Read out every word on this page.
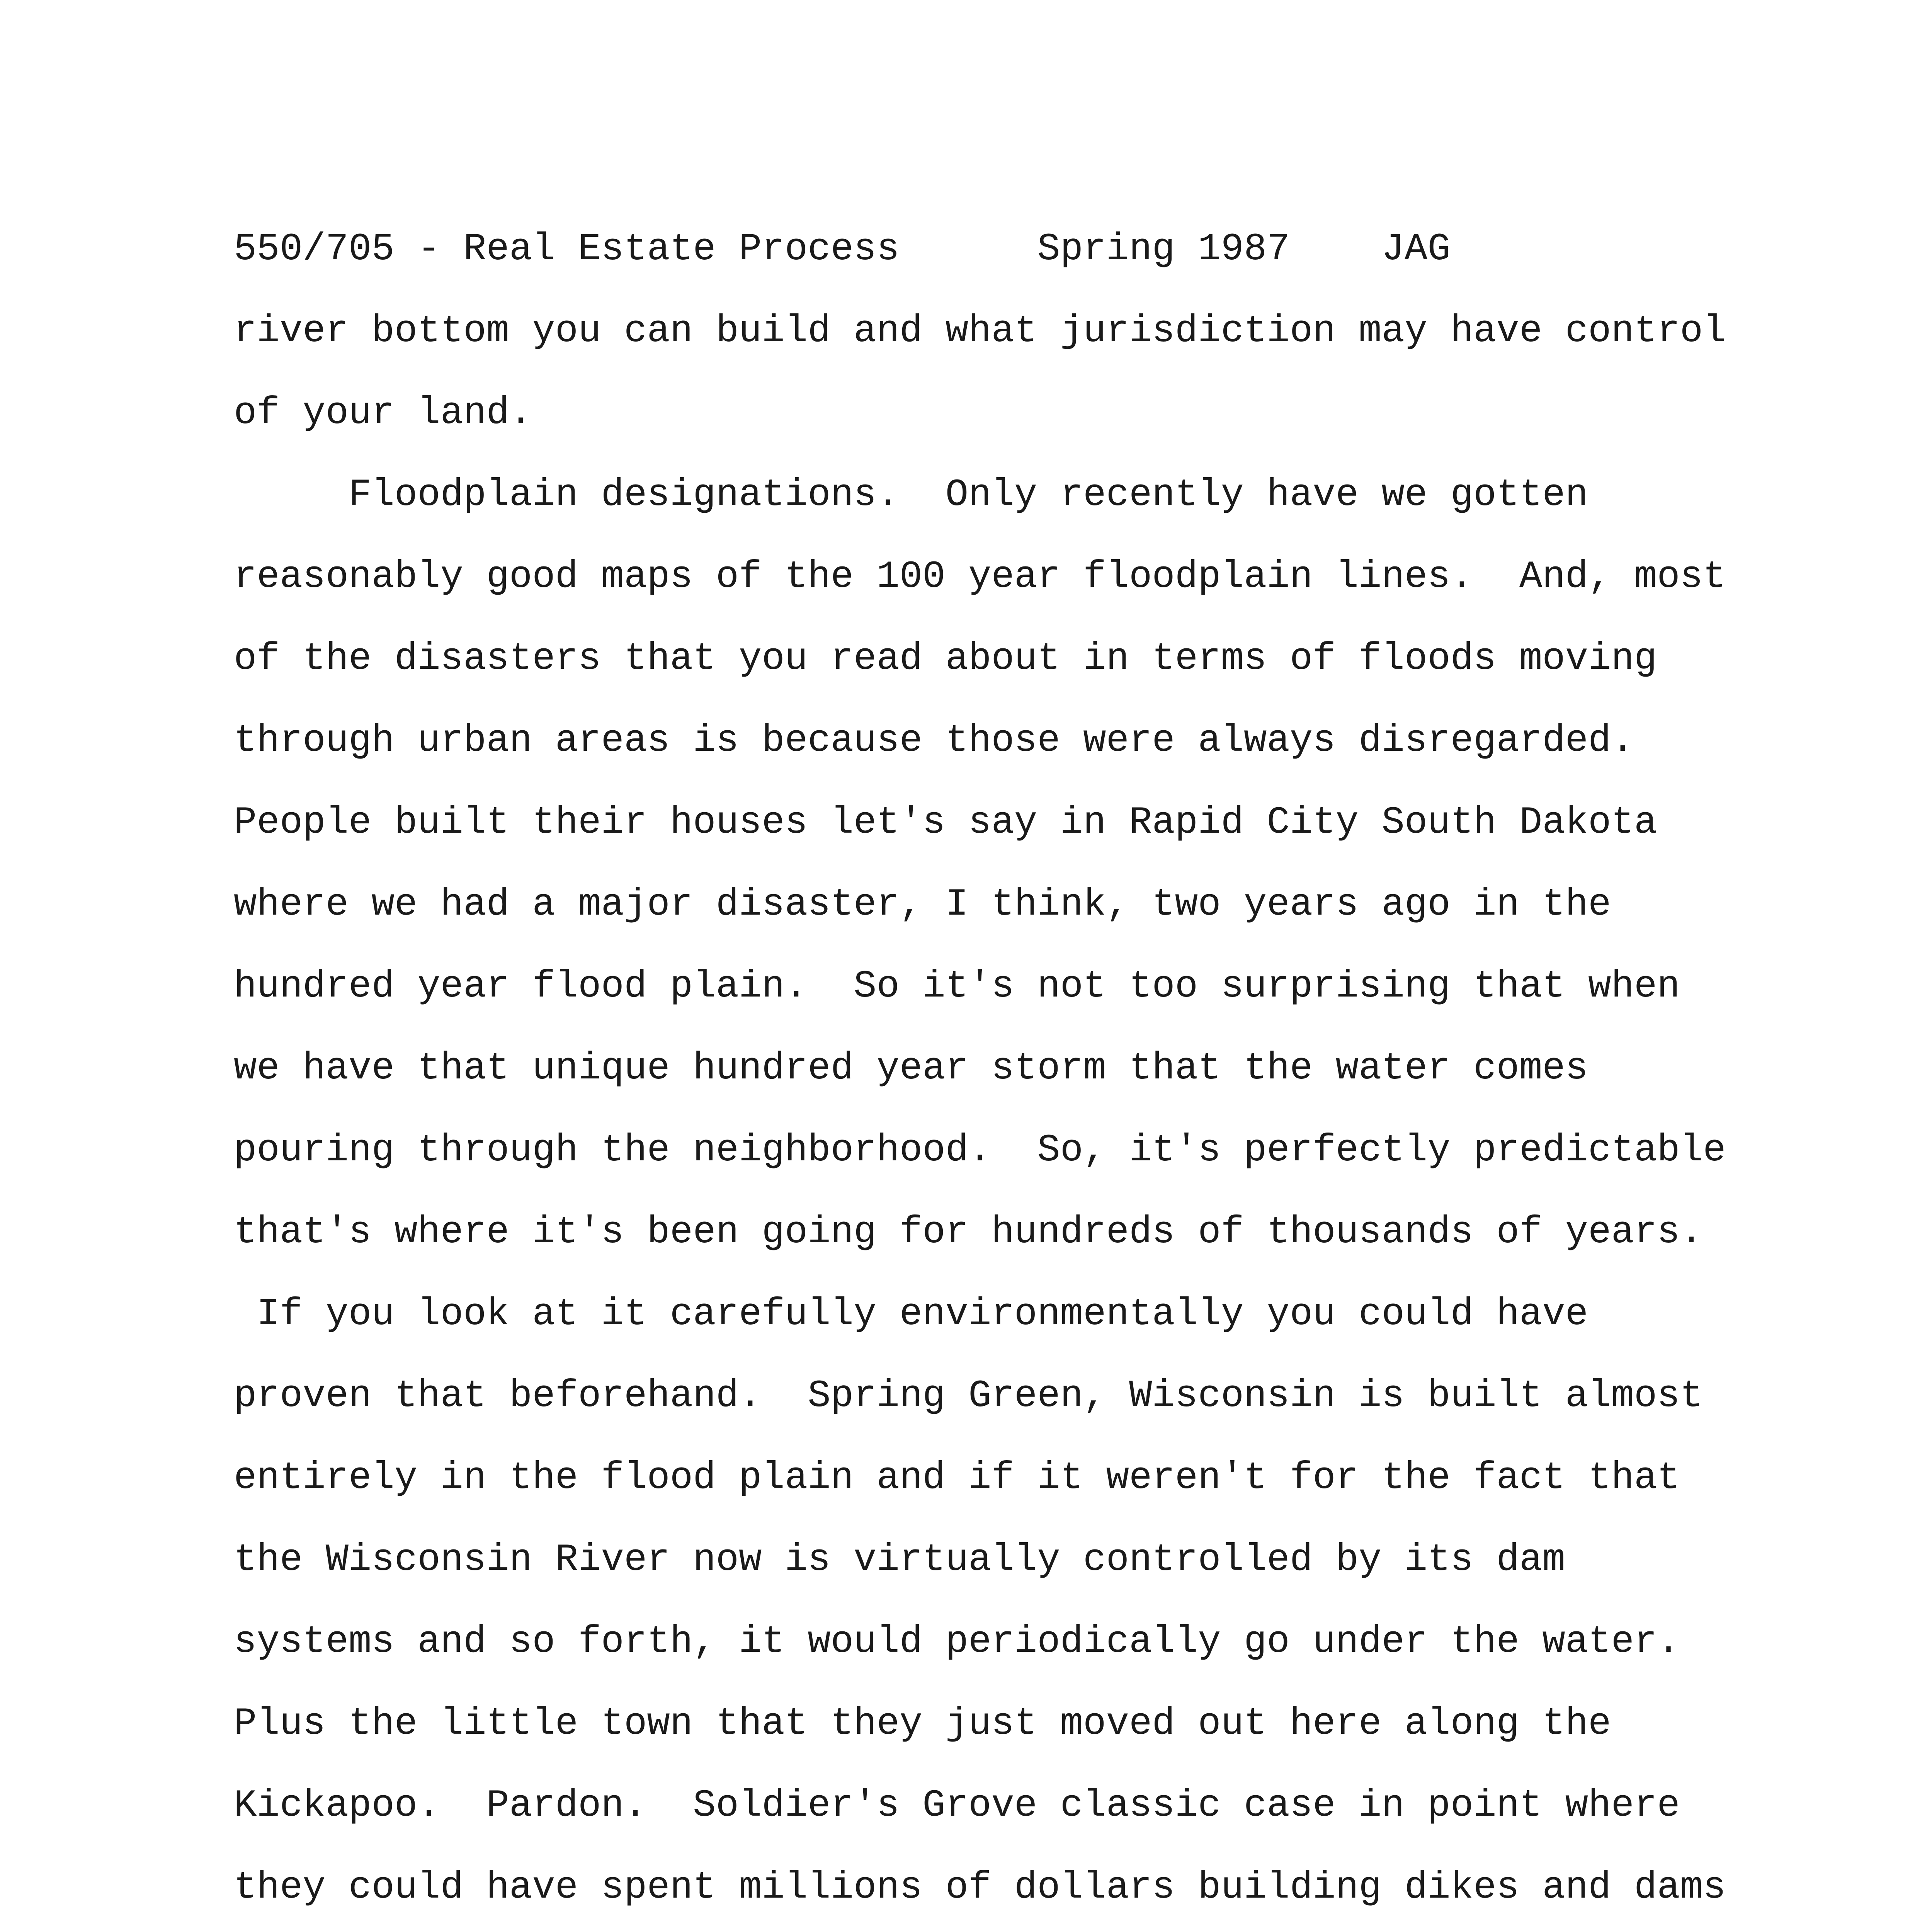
550/705 - Real Estate Process	Spring 1987 JAG
river bottom you can build and what jurisdiction may have control
of your land.
Floodplain designations.  Only recently have we gotten
reasonably good maps of the 100 year floodplain lines.  And, most
of the disasters that you read about in terms of floods moving
through urban areas is because those were always disregarded.
People built their houses let's say in Rapid City South Dakota
where we had a major disaster, I think, two years ago in the
hundred year flood plain.  So it's not too surprising that when
we have that unique hundred year storm that the water comes
pouring through the neighborhood.  So, it's perfectly predictable
that's where it's been going for hundreds of thousands of years.
If you look at it carefully environmentally you could have
proven that beforehand.  Spring Green, Wisconsin is built almost
entirely in the flood plain and if it weren't for the fact that
the Wisconsin River now is virtually controlled by its dam
systems and so forth, it would periodically go under the water.
Plus the little town that they just moved out here along the
Kickapoo.  Pardon.  Soldier's Grove classic case in point where
they could have spent millions of dollars building dikes and dams
